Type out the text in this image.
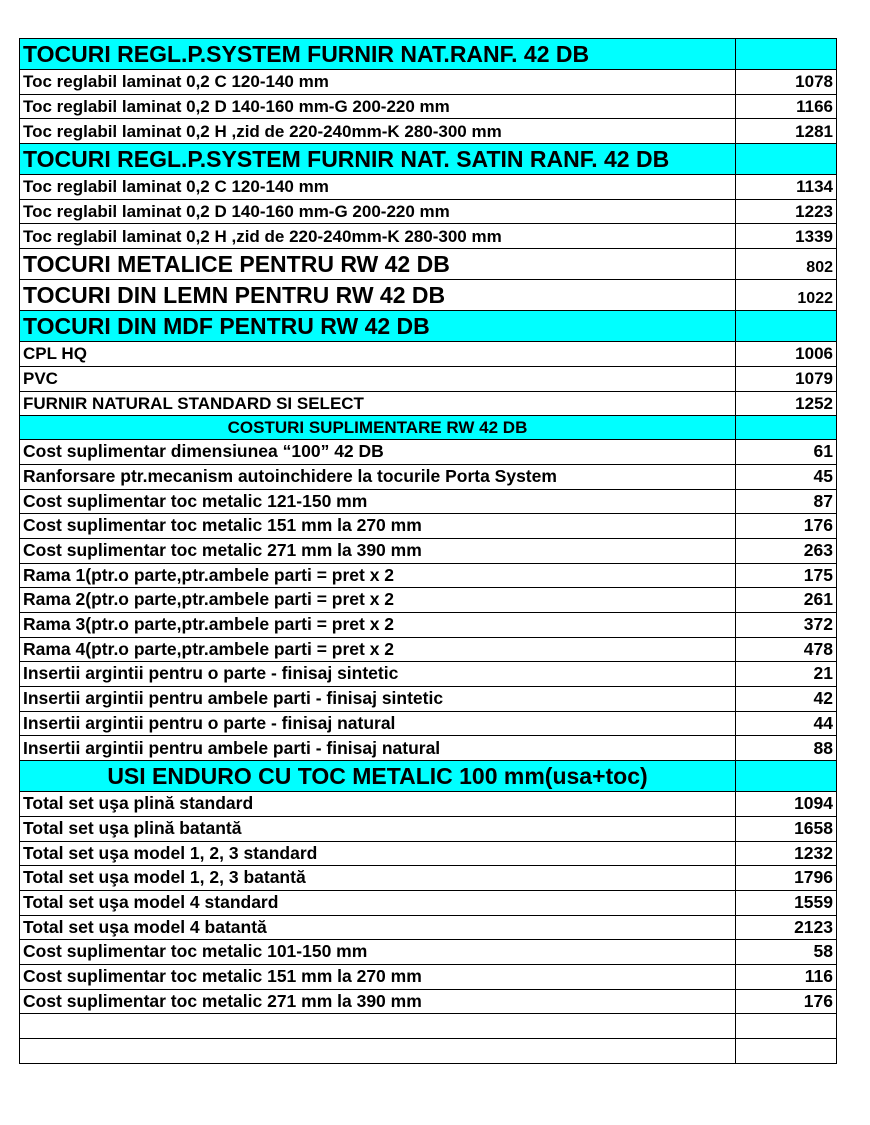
TOCURI REGL.P.SYSTEM FURNIR NAT.RANF. 42 DB	
Toc reglabil laminat 0,2 C 120-140 mm	1078
Toc reglabil laminat 0,2 D 140-160 mm-G 200-220 mm	1166
Toc reglabil laminat 0,2 H ,zid de 220-240mm-K 280-300 mm	1281
TOCURI REGL.P.SYSTEM FURNIR NAT. SATIN RANF. 42 DB	
Toc reglabil laminat 0,2 C 120-140 mm	1134
Toc reglabil laminat 0,2 D 140-160 mm-G 200-220 mm	1223
Toc reglabil laminat 0,2 H ,zid de 220-240mm-K 280-300 mm	1339
TOCURI METALICE PENTRU RW 42 DB	802
TOCURI DIN LEMN PENTRU RW 42 DB	1022
TOCURI DIN MDF PENTRU RW 42 DB	
CPL HQ	1006
PVC	1079
FURNIR NATURAL STANDARD SI SELECT	1252
COSTURI SUPLIMENTARE RW 42 DB	
Cost suplimentar dimensiunea “100” 42 DB	61
Ranforsare ptr.mecanism autoinchidere la tocurile Porta System	45
Cost suplimentar toc metalic 121-150 mm	87
Cost suplimentar toc metalic 151 mm la 270 mm	176
Cost suplimentar toc metalic 271 mm la 390 mm	263
Rama 1(ptr.o parte,ptr.ambele parti = pret x 2	175
Rama 2(ptr.o parte,ptr.ambele parti = pret x 2	261
Rama 3(ptr.o parte,ptr.ambele parti = pret x 2	372
Rama 4(ptr.o parte,ptr.ambele parti = pret x 2	478
Insertii argintii pentru o parte - finisaj sintetic	21
Insertii argintii pentru ambele parti - finisaj sintetic	42
Insertii argintii pentru o parte - finisaj natural	44
Insertii argintii pentru ambele parti - finisaj natural	88
USI ENDURO CU TOC METALIC 100 mm(usa+toc)	
Total set uşa plină standard	1094
Total set uşa plină batantă	1658
Total set uşa model 1, 2, 3 standard	1232
Total set uşa model 1, 2, 3 batantă	1796
Total set uşa model 4 standard	1559
Total set uşa model 4 batantă	2123
Cost suplimentar toc metalic 101-150 mm	58
Cost suplimentar toc metalic 151 mm la 270 mm	116
Cost suplimentar toc metalic 271 mm la 390 mm	176
